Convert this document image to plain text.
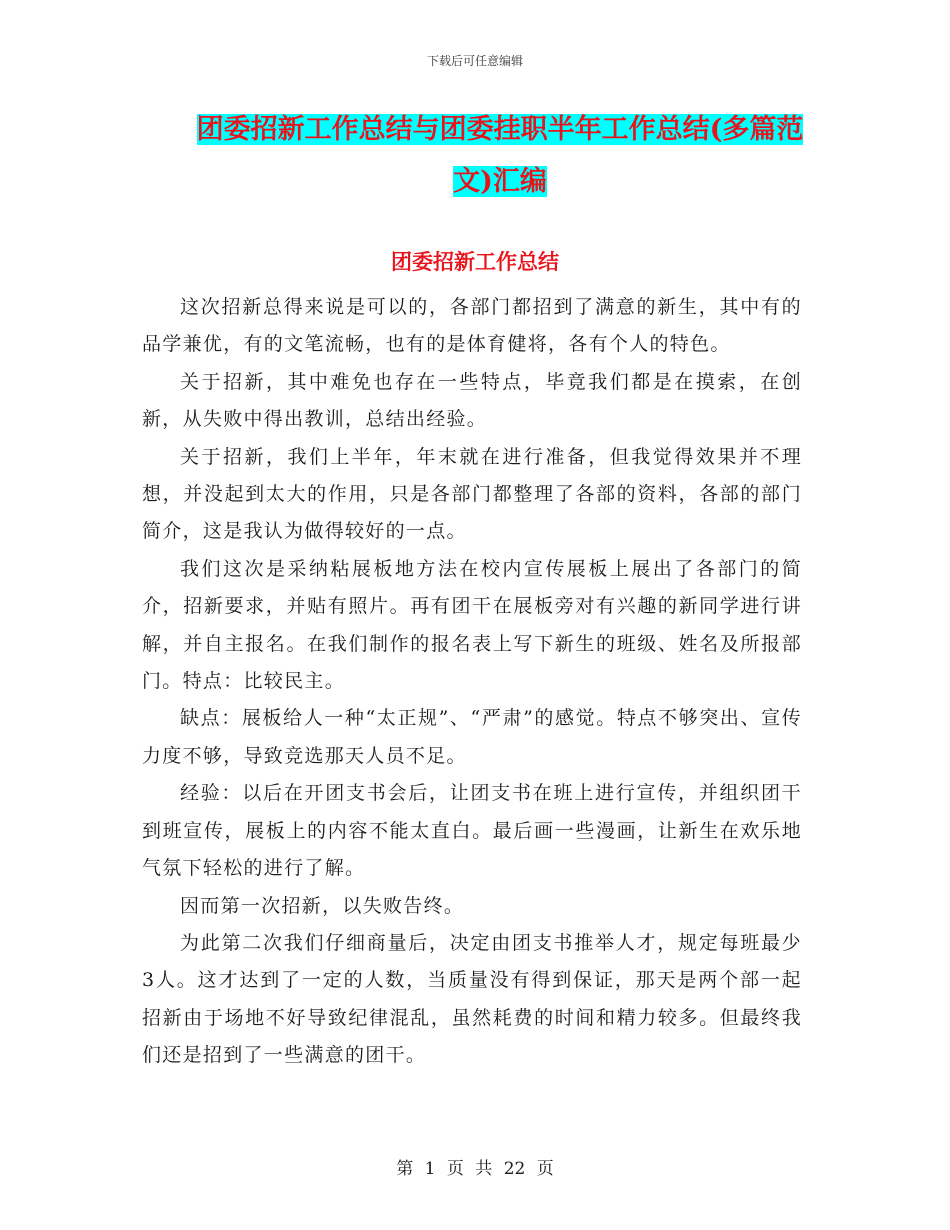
下载后可任意编辑
团委招新工作总结与团委挂职半年工作总结(多篇范文)汇编
团委招新工作总结

这次招新总得来说是可以的，各部门都招到了满意的新生，其中有的品学兼优，有的文笔流畅，也有的是体育健将，各有个人的特色。

关于招新，其中难免也存在一些特点，毕竟我们都是在摸索，在创新，从失败中得出教训，总结出经验。

关于招新，我们上半年，年末就在进行准备，但我觉得效果并不理想，并没起到太大的作用，只是各部门都整理了各部的资料，各部的部门简介，这是我认为做得较好的一点。

我们这次是采纳粘展板地方法在校内宣传展板上展出了各部门的简介，招新要求，并贴有照片。再有团干在展板旁对有兴趣的新同学进行讲解，并自主报名。在我们制作的报名表上写下新生的班级、姓名及所报部门。特点：比较民主。

缺点：展板给人一种“太正规”、“严肃”的感觉。特点不够突出、宣传力度不够，导致竞选那天人员不足。

经验：以后在开团支书会后，让团支书在班上进行宣传，并组织团干到班宣传，展板上的内容不能太直白。最后画一些漫画，让新生在欢乐地气氛下轻松的进行了解。

因而第一次招新，以失败告终。

为此第二次我们仔细商量后，决定由团支书推举人才，规定每班最少3人。这才达到了一定的人数，当质量没有得到保证，那天是两个部一起招新由于场地不好导致纪律混乱，虽然耗费的时间和精力较多。但最终我们还是招到了一些满意的团干。

第 1 页 共 22 页
